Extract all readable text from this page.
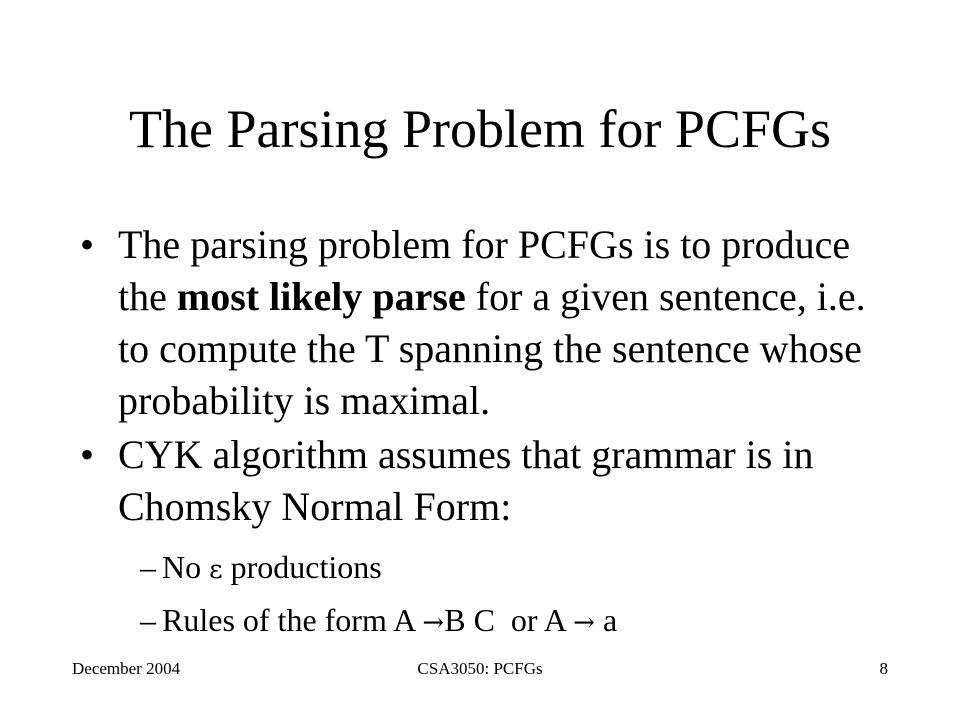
The Parsing Problem for PCFGs
• The parsing problem for PCFGs is to produce the most likely parse for a given sentence, i.e. to compute the T spanning the sentence whose probability is maximal.
• CYK algorithm assumes that grammar is in Chomsky Normal Form:
– No ε productions
– Rules of the form A →B C  or A → a
December 2004	CSA3050: PCFGs	8
